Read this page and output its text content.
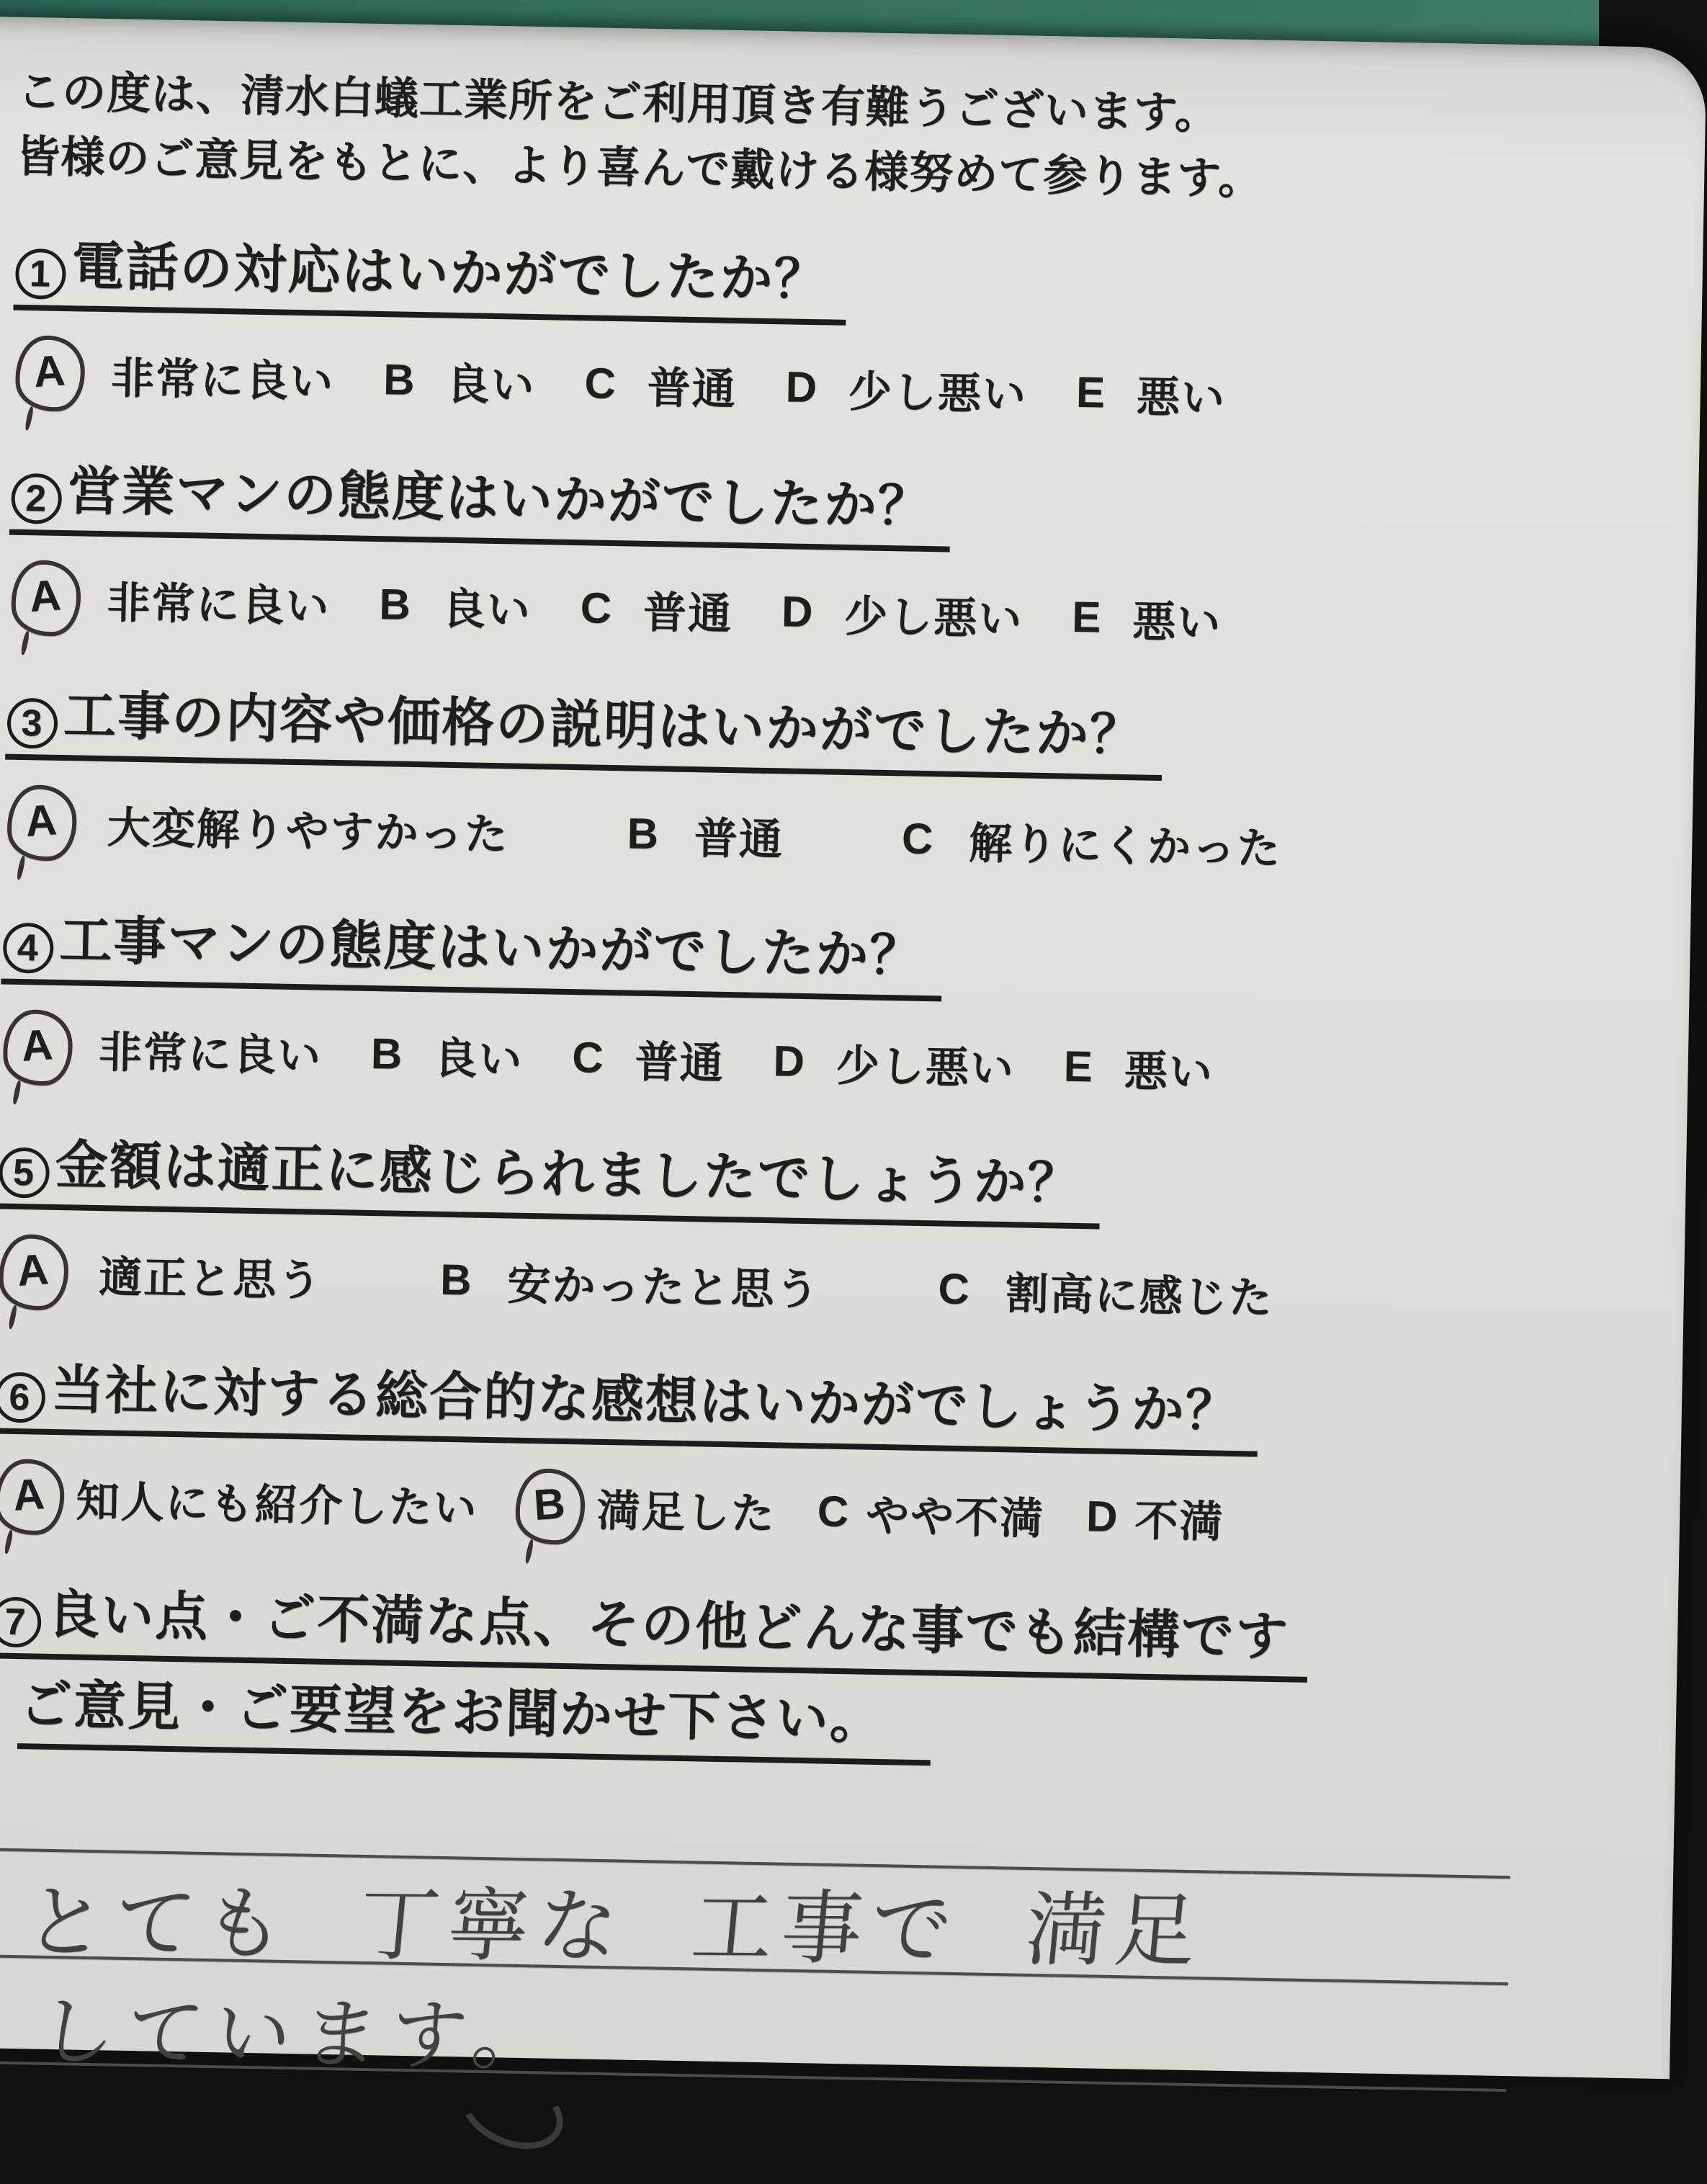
この度は、清水白蟻工業所をご利用頂き有難うございます。
皆様のご意見をもとに、より喜んで戴ける様努めて参ります。
1 電話の対応はいかがでしたか？
A 非常に良い B 良い C 普通 D 少し悪い E 悪い
2 営業マンの態度はいかがでしたか？
A 非常に良い B 良い C 普通 D 少し悪い E 悪い
3 工事の内容や価格の説明はいかがでしたか？
A	大変解りやすかった	B 普通	C 解りにくかった
4 工事マンの態度はいかがでしたか？
A 非常に良い B 良い C 普通 D 少し悪い E 悪い
5 金額は適正に感じられましたでしょうか？
A	適正と思う	B 安かったと思う	C 割高に感じた
6 当社に対する総合的な感想はいかがでしょうか？
A 知人にも紹介したい	B 満足した C やや不満 D 不満
7 良い点・ご不満な点、その他どんな事でも結構です
ご意見・ご要望をお聞かせ下さい。
とても 丁寧な 工事で 満足
しています。
